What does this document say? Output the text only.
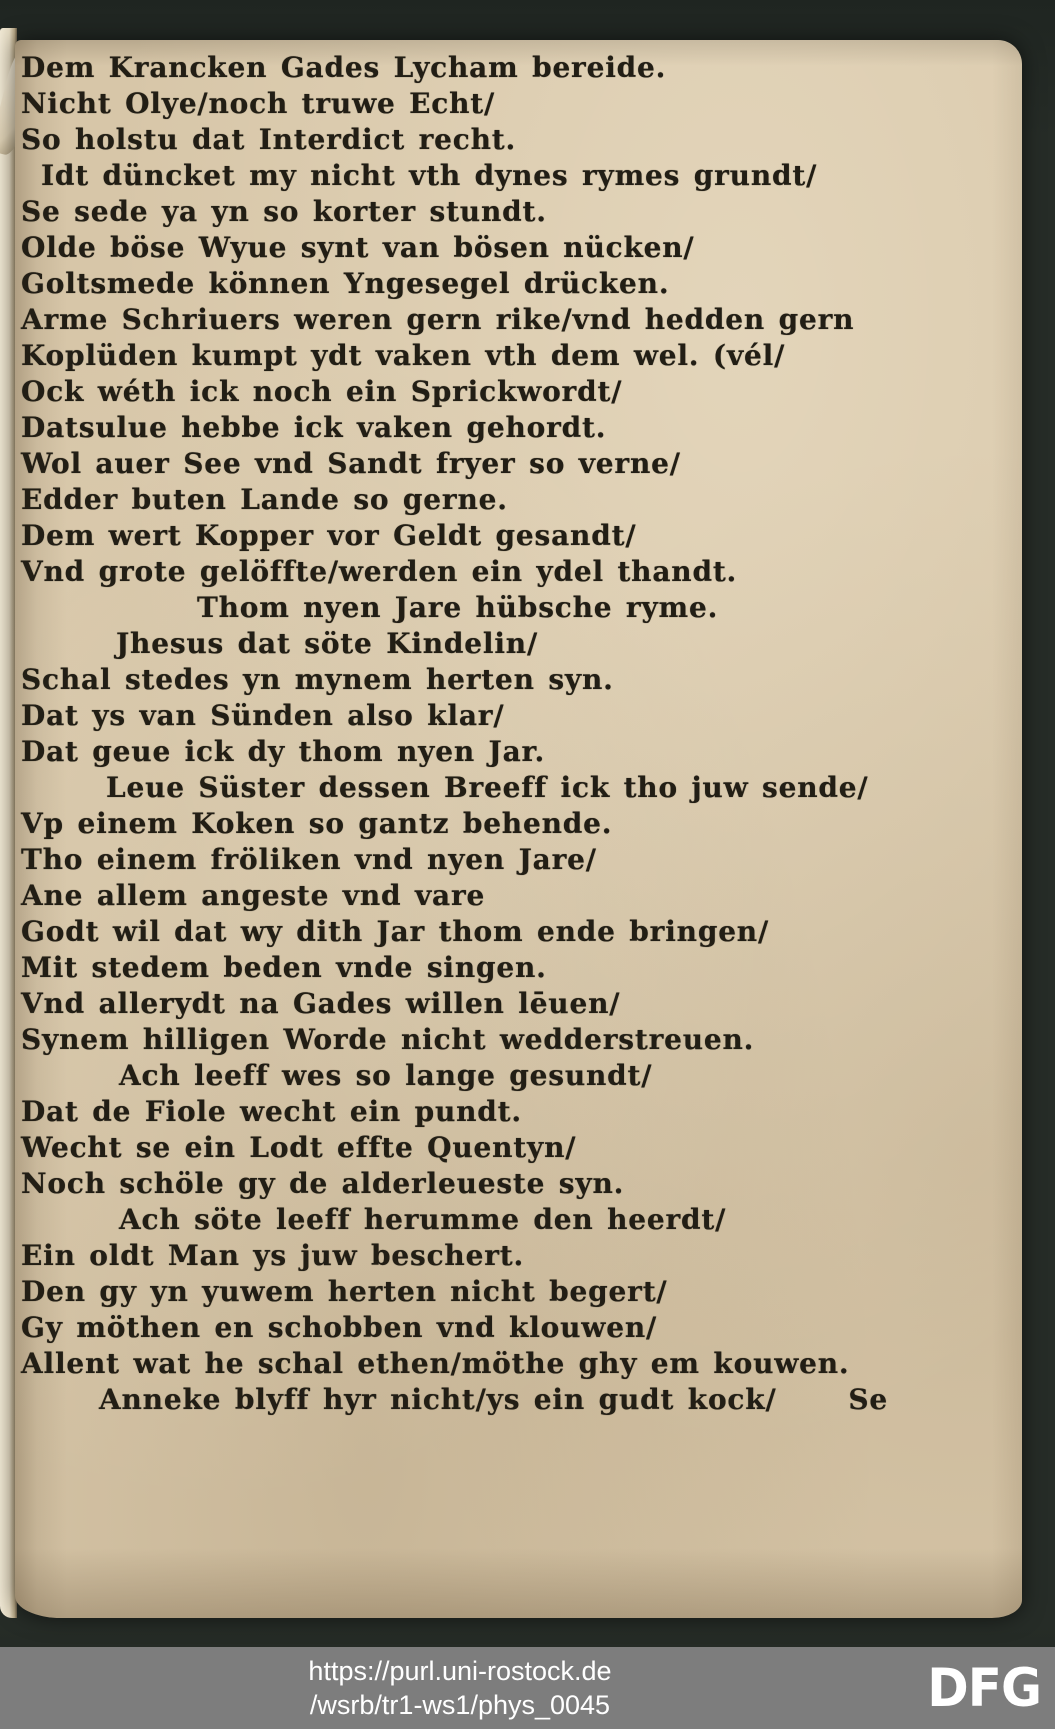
Dem Krancken Gades Lycham bereide.
Nicht Olye/noch truwe Echt/
So holstu dat Interdict recht.
Idt düncket my nicht vth dynes rymes grundt/
Se sede ya yn so korter stundt.
Olde böse Wyue synt van bösen nücken/
Goltsmede können Yngesegel drücken.
Arme Schriuers weren gern rike/vnd hedden gern
Koplüden kumpt ydt vaken vth dem wel. (vél/
Ock wéth ick noch ein Sprickwordt/
Datsulue hebbe ick vaken gehordt.
Wol auer See vnd Sandt fryer so verne/
Edder buten Lande so gerne.
Dem wert Kopper vor Geldt gesandt/
Vnd grote gelöffte/werden ein ydel thandt.
Thom nyen Jare hübsche ryme.
Jhesus dat söte Kindelin/
Schal stedes yn mynem herten syn.
Dat ys van Sünden also klar/
Dat geue ick dy thom nyen Jar.
Leue Süster dessen Breeff ick tho juw sende/
Vp einem Koken so gantz behende.
Tho einem fröliken vnd nyen Jare/
Ane allem angeste vnd vare
Godt wil dat wy dith Jar thom ende bringen/
Mit stedem beden vnde singen.
Vnd allerydt na Gades willen lēuen/
Synem hilligen Worde nicht wedderstreuen.
Ach leeff wes so lange gesundt/
Dat de Fiole wecht ein pundt.
Wecht se ein Lodt effte Quentyn/
Noch schöle gy de alderleueste syn.
Ach söte leeff herumme den heerdt/
Ein oldt Man ys juw beschert.
Den gy yn yuwem herten nicht begert/
Gy möthen en schobben vnd klouwen/
Allent wat he schal ethen/möthe ghy em kouwen.
Anneke blyff hyr nicht/ys ein gudt kock/	Se
https://purl.uni-rostock.de
/wsrb/tr1-ws1/phys_0045	DFG
